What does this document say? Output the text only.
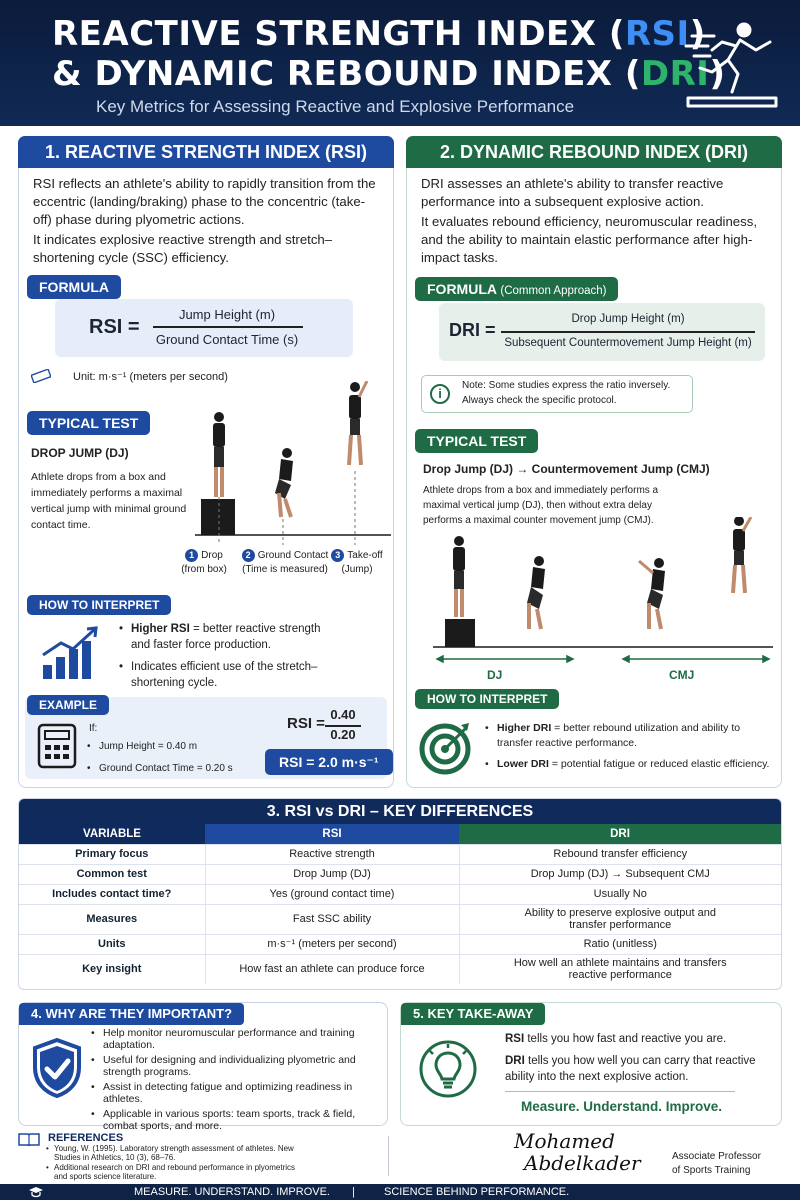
REACTIVE STRENGTH INDEX (RSI)
& DYNAMIC REBOUND INDEX (DRI)
Key Metrics for Assessing Reactive and Explosive Performance
1. REACTIVE STRENGTH INDEX (RSI)
RSI reflects an athlete's ability to rapidly transition from the eccentric (landing/braking) phase to the concentric (take-off) phase during plyometric actions.
It indicates explosive reactive strength and stretch–shortening cycle (SSC) efficiency.
FORMULA
RSI =
Jump Height (m)
Ground Contact Time (s)
Unit: m·s⁻¹ (meters per second)
TYPICAL TEST
DROP JUMP (DJ)
Athlete drops from a box and immediately performs a maximal vertical jump with minimal ground contact time.
1 Drop
(from box)
2 Ground Contact
(Time is measured)
3 Take-off
(Jump)
HOW TO INTERPRET
• Higher RSI = better reactive strength and faster force production.
• Indicates efficient use of the stretch–shortening cycle.
EXAMPLE
If:
• Jump Height = 0.40 m
• Ground Contact Time = 0.20 s
RSI =
0.40
0.20
RSI = 2.0 m·s⁻¹
2. DYNAMIC REBOUND INDEX (DRI)
DRI assesses an athlete's ability to transfer reactive performance into a subsequent explosive action.
It evaluates rebound efficiency, neuromuscular readiness, and the ability to maintain elastic performance after high-impact tasks.
FORMULA (Common Approach)
DRI =
Drop Jump Height (m)
Subsequent Countermovement Jump Height (m)
i
Note: Some studies express the ratio inversely. Always check the specific protocol.
TYPICAL TEST
Drop Jump (DJ) → Countermovement Jump (CMJ)
Athlete drops from a box and immediately performs a maximal vertical jump (DJ), then without extra delay performs a maximal counter movement jump (CMJ).
DJ	CMJ
HOW TO INTERPRET
• Higher DRI = better rebound utilization and ability to transfer reactive performance.
• Lower DRI = potential fatigue or reduced elastic efficiency.
3. RSI vs DRI – KEY DIFFERENCES
VARIABLE	RSI	DRI
Primary focus	Reactive strength	Rebound transfer efficiency
Common test	Drop Jump (DJ)	Drop Jump (DJ) → Subsequent CMJ
Includes contact time?	Yes (ground contact time)	Usually No
Measures	Fast SSC ability	Ability to preserve explosive output and transfer performance
Units	m·s⁻¹ (meters per second)	Ratio (unitless)
Key insight	How fast an athlete can produce force	How well an athlete maintains and transfers reactive performance
4. WHY ARE THEY IMPORTANT?
• Help monitor neuromuscular performance and training adaptation.
• Useful for designing and individualizing plyometric and strength programs.
• Assist in detecting fatigue and optimizing readiness in athletes.
• Applicable in various sports: team sports, track & field, combat sports, and more.
5. KEY TAKE-AWAY
RSI tells you how fast and reactive you are.
DRI tells you how well you can carry that reactive ability into the next explosive action.
Measure. Understand. Improve.
REFERENCES
• Young, W. (1995). Laboratory strength assessment of athletes. New Studies in Athletics, 10 (3), 68–76.
• Additional research on DRI and rebound performance in plyometrics and sports science literature.
Mohamed
Abdelkader	Associate Professor
of Sports Training
MEASURE. UNDERSTAND. IMPROVE. |	SCIENCE BEHIND PERFORMANCE.
